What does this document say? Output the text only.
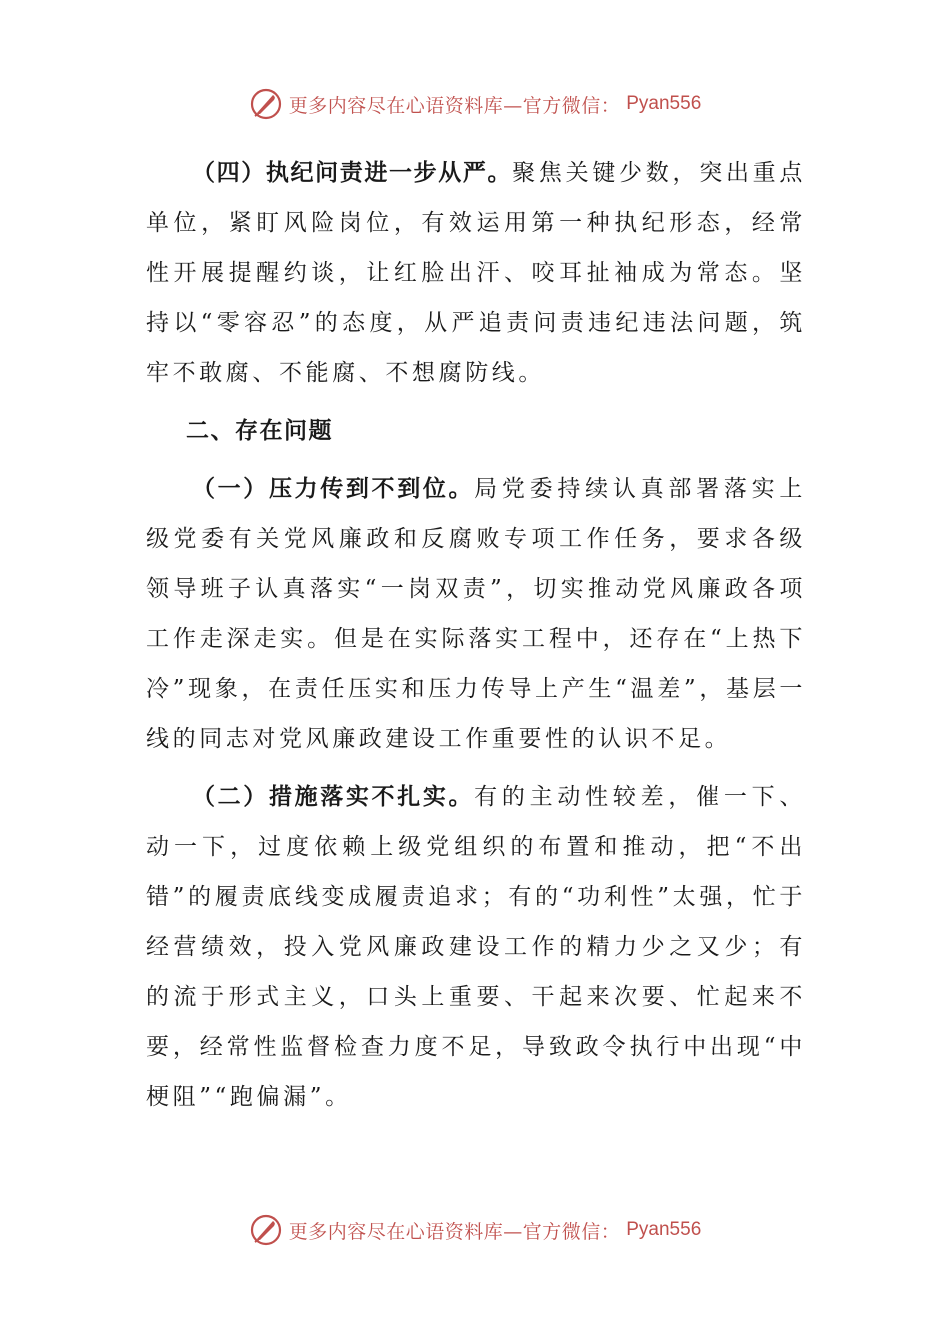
更多内容尽在心语资料库—官方微信： Pyan556

（四）执纪问责进一步从严。聚焦关键少数，突出重点单位，紧盯风险岗位，有效运用第一种执纪形态，经常性开展提醒约谈，让红脸出汗、咬耳扯袖成为常态。坚持以“零容忍”的态度，从严追责问责违纪违法问题，筑牢不敢腐、不能腐、不想腐防线。

二、存在问题

（一）压力传到不到位。局党委持续认真部署落实上级党委有关党风廉政和反腐败专项工作任务，要求各级领导班子认真落实“一岗双责”，切实推动党风廉政各项工作走深走实。但是在实际落实工程中，还存在“上热下冷”现象，在责任压实和压力传导上产生“温差”，基层一线的同志对党风廉政建设工作重要性的认识不足。

（二）措施落实不扎实。有的主动性较差，催一下、动一下，过度依赖上级党组织的布置和推动，把“不出错”的履责底线变成履责追求；有的“功利性”太强，忙于经营绩效，投入党风廉政建设工作的精力少之又少；有的流于形式主义，口头上重要、干起来次要、忙起来不要，经常性监督检查力度不足，导致政令执行中出现“中梗阻”“跑偏漏”。

更多内容尽在心语资料库—官方微信： Pyan556
